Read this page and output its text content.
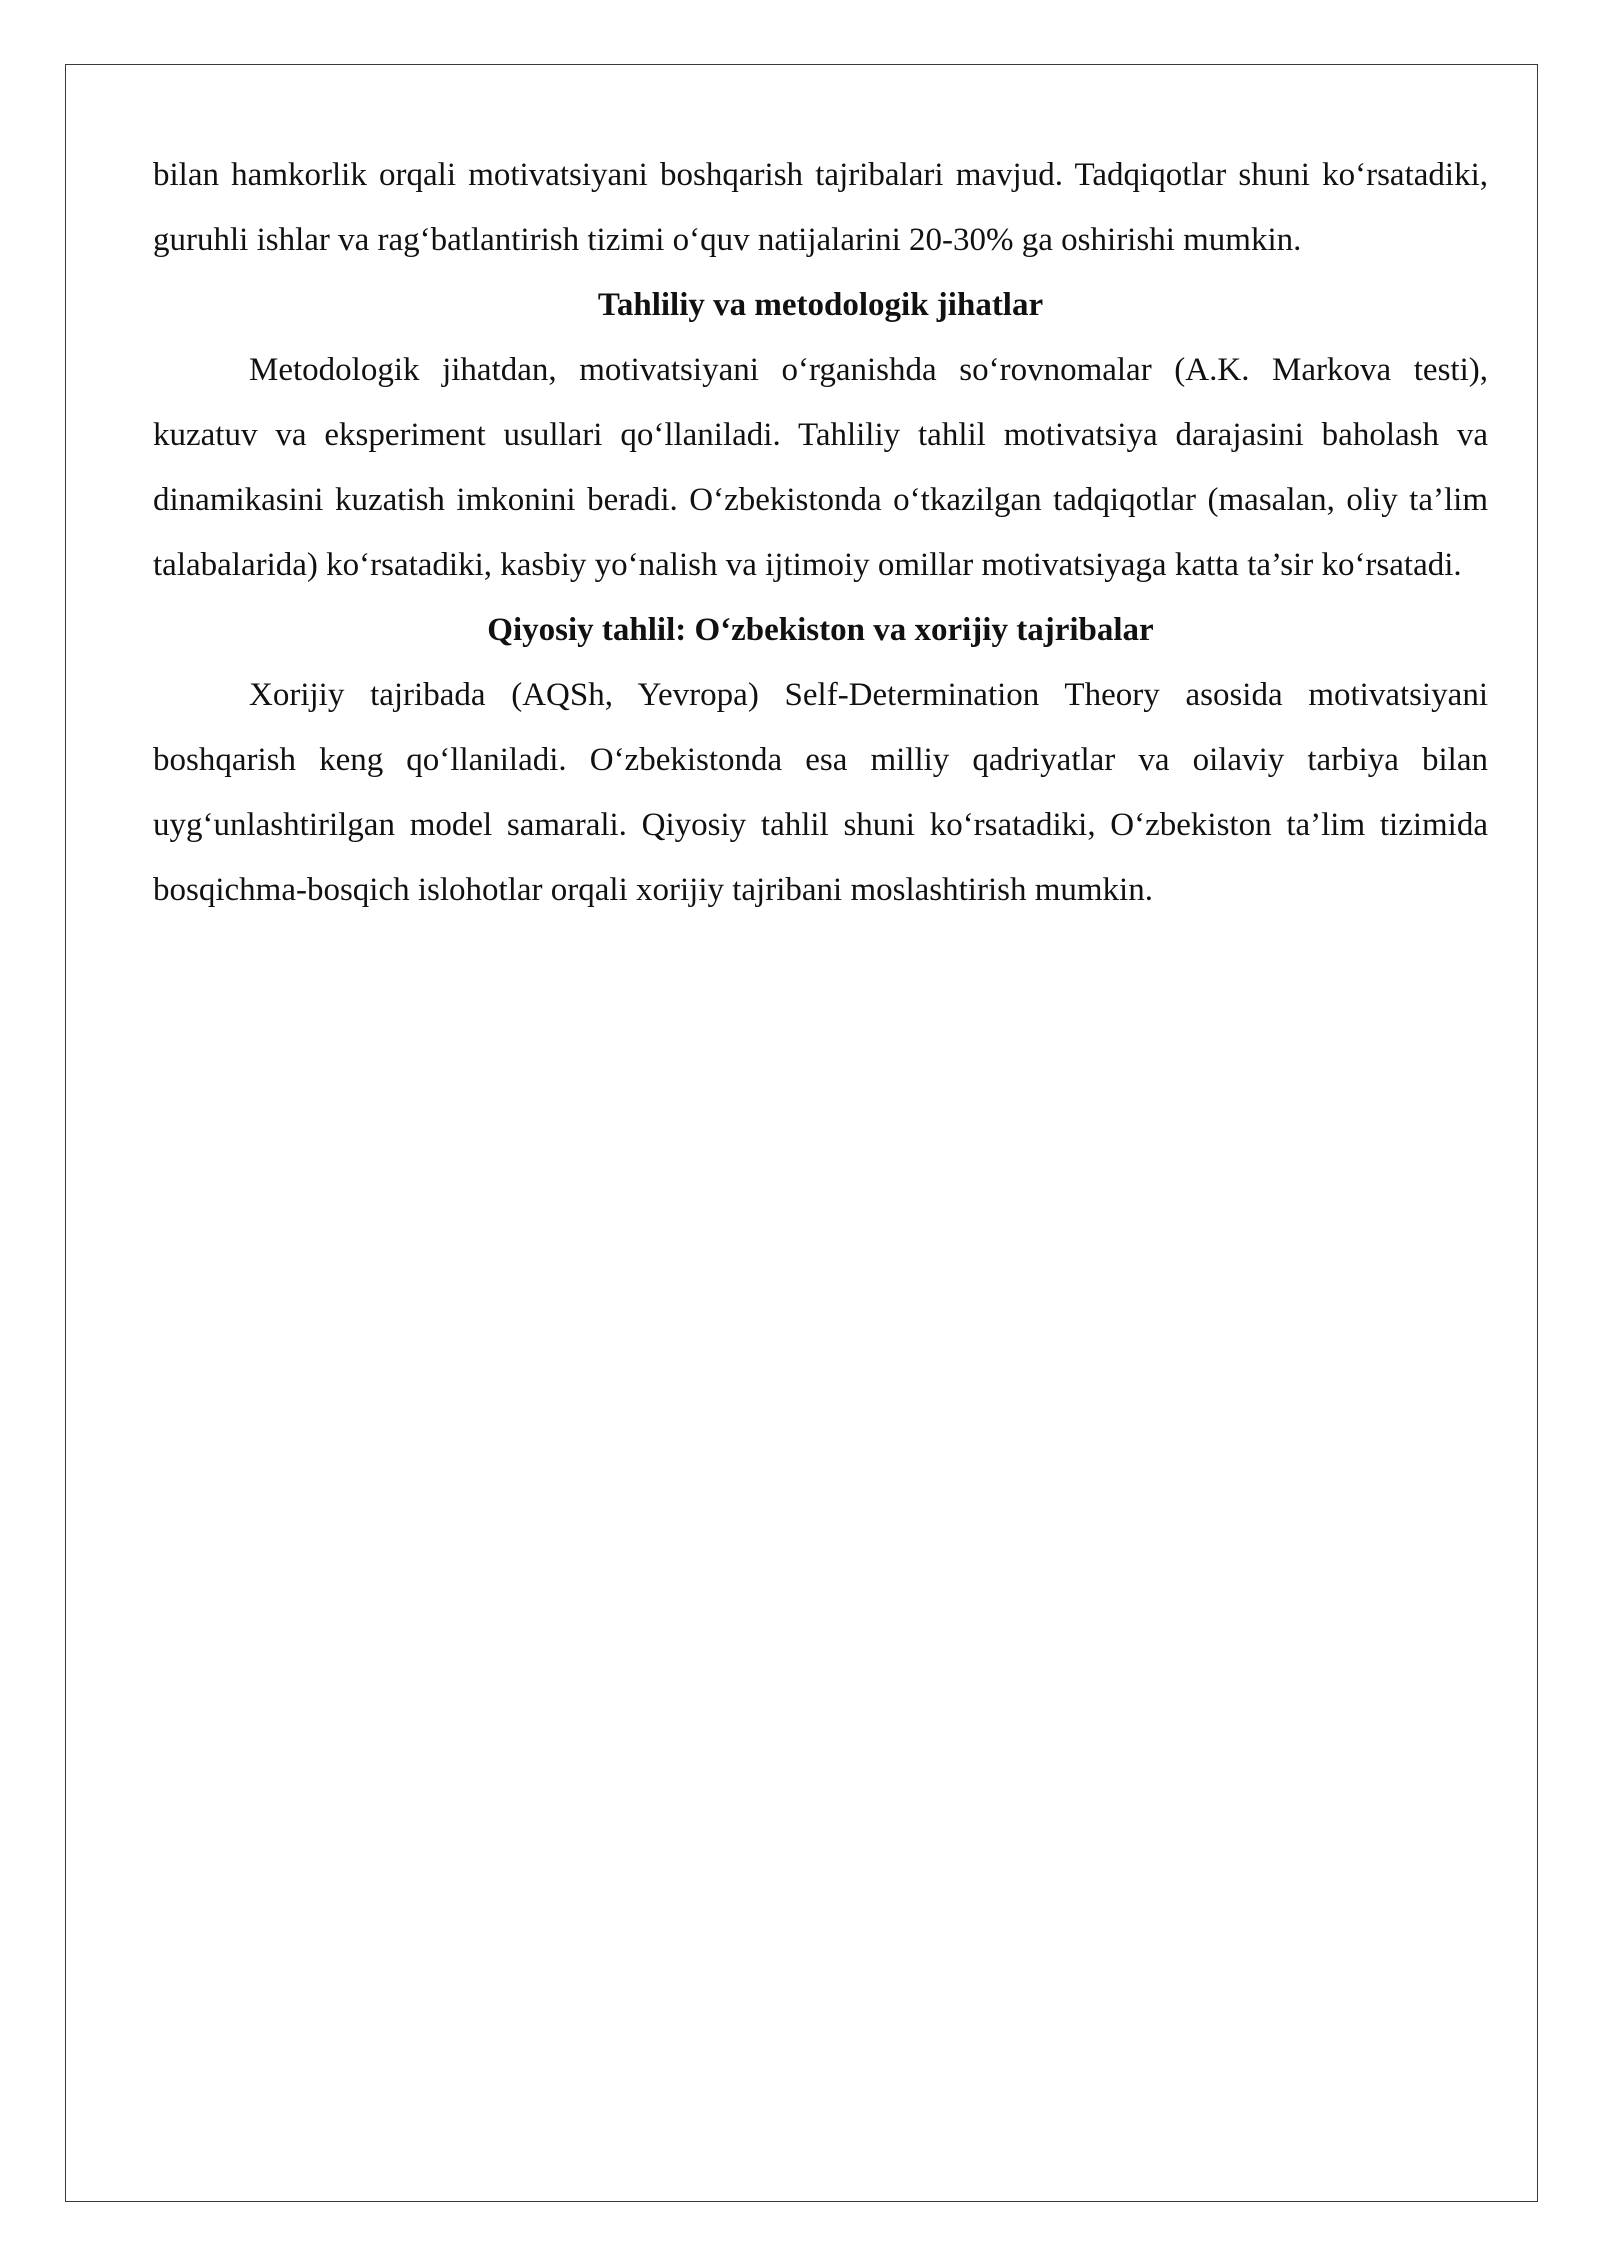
bilan hamkorlik orqali motivatsiyani boshqarish tajribalari mavjud. Tadqiqotlar shuni ko‘rsatadiki, guruhli ishlar va rag‘batlantirish tizimi o‘quv natijalarini 20-30% ga oshirishi mumkin.

Tahliliy va metodologik jihatlar

Metodologik jihatdan, motivatsiyani o‘rganishda so‘rovnomalar (A.K. Markova testi), kuzatuv va eksperiment usullari qo‘llaniladi. Tahliliy tahlil motivatsiya darajasini baholash va dinamikasini kuzatish imkonini beradi. O‘zbekistonda o‘tkazilgan tadqiqotlar (masalan, oliy ta’lim talabalarida) ko‘rsatadiki, kasbiy yo‘nalish va ijtimoiy omillar motivatsiyaga katta ta’sir ko‘rsatadi.

Qiyosiy tahlil: O‘zbekiston va xorijiy tajribalar

Xorijiy tajribada (AQSh, Yevropa) Self-Determination Theory asosida motivatsiyani boshqarish keng qo‘llaniladi. O‘zbekistonda esa milliy qadriyatlar va oilaviy tarbiya bilan uyg‘unlashtirilgan model samarali. Qiyosiy tahlil shuni ko‘rsatadiki, O‘zbekiston ta’lim tizimida bosqichma-bosqich islohotlar orqali xorijiy tajribani moslashtirish mumkin.
